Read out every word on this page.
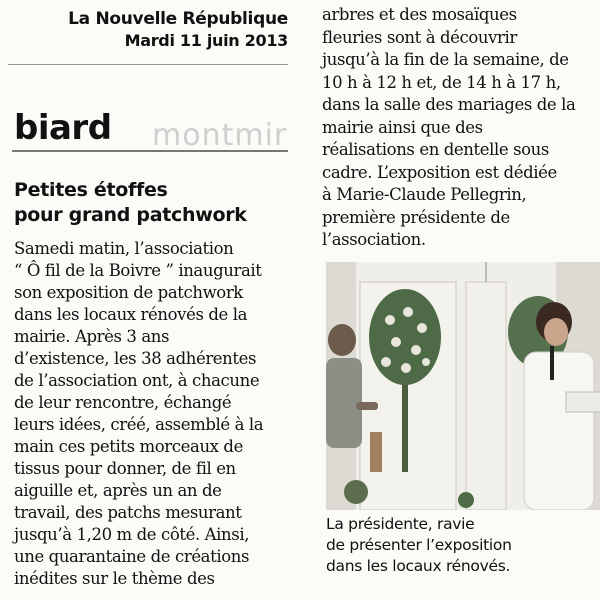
La Nouvelle République
Mardi 11 juin 2013
montmir
biard
Petites étoffes
pour grand patchwork
Samedi matin, l’association
“ Ô fil de la Boivre ” inaugurait
son exposition de patchwork
dans les locaux rénovés de la
mairie. Après 3 ans
d’existence, les 38 adhérentes
de l’association ont, à chacune
de leur rencontre, échangé
leurs idées, créé, assemblé à la
main ces petits morceaux de
tissus pour donner, de fil en
aiguille et, après un an de
travail, des patchs mesurant
jusqu’à 1,20 m de côté. Ainsi,
une quarantaine de créations
inédites sur le thème des
arbres et des mosaïques
fleuries sont à découvrir
jusqu’à la fin de la semaine, de
10 h à 12 h et, de 14 h à 17 h,
dans la salle des mariages de la
mairie ainsi que des
réalisations en dentelle sous
cadre. L’exposition est dédiée
à Marie-Claude Pellegrin,
première présidente de
l’association.
La présidente, ravie
de présenter l’exposition
dans les locaux rénovés.
